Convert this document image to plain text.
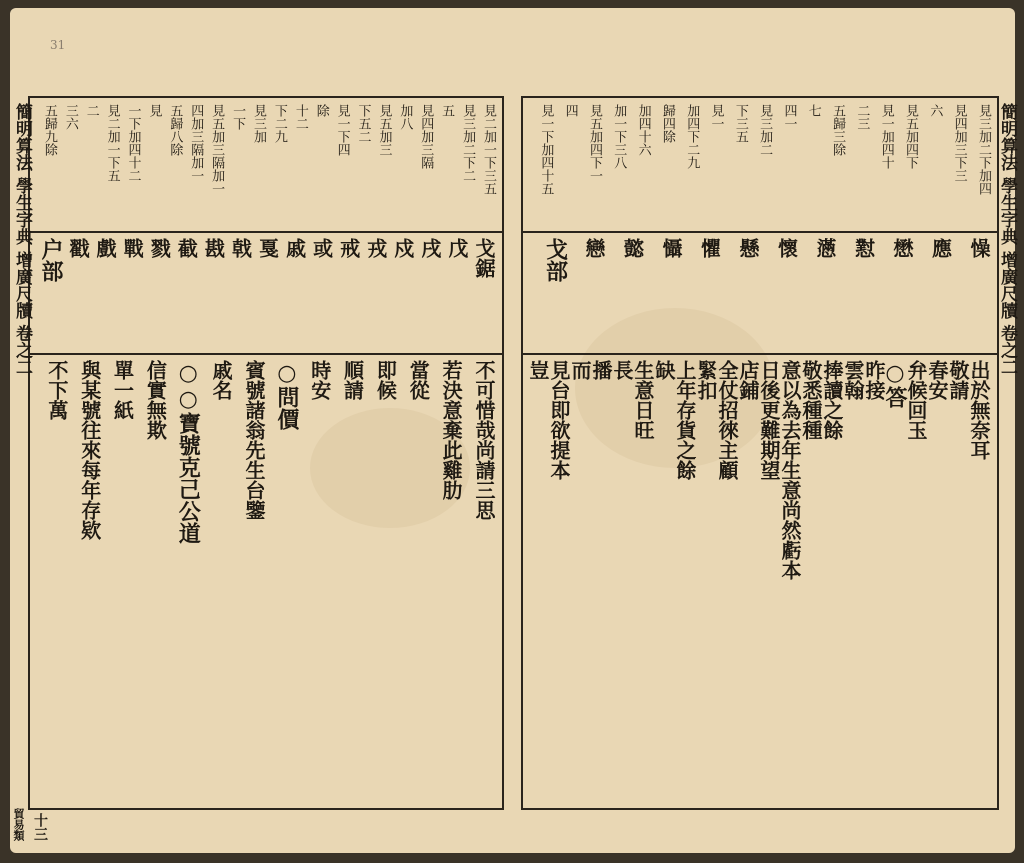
31
見二加一下三五
見三加二下二
五
見四加三隔
加八
見五加三
下五二
見一下四
除
十二
下二九
見三加
一下
見五加三隔加一
四加三隔加一
五歸八除
見
一下加四十二
見二加一下五
二
三六
五歸九除
戈鋸
戊
戌
戍
戎
戒
或
戚
戛
戟
戡
截
戮
戰
戲
戳
户部
不可惜哉尚請三思
若決意棄此雞肋
當從
即候
順請
時安
○問價
賓號諸翁先生台鑒
戚名
○○寶號克己公道
信實無欺
單一紙
與某號往來每年存欵
不下萬
簡明算法 學生字典 增廣尺牘 卷之二
貿易類 十三
見三加二下加四
見四加三下三
六
見五加四下
見一加四十
二三
五歸三除
七
四一
見三加二
下三五
見一
加四下二九
歸四除
加四十六
加一下三八
見五加四下一
四
見一下加四十五
懆
應
懋
懟
懣
懷
懸
懼
懾
懿
戀
戈部
出於無奈耳
敬請
春安
弁候回玉
○答
昨接
雲翰
捧讀之餘
敬悉種種
意以為去年生意尚然虧本
日後更難期望
店鋪
全仗招徠主顧
緊扣
上年存貨之餘
缺
生意日旺
長
播
而
見台即欲提本
豈	簡明算法 學生字典 增廣尺牘 卷之二
